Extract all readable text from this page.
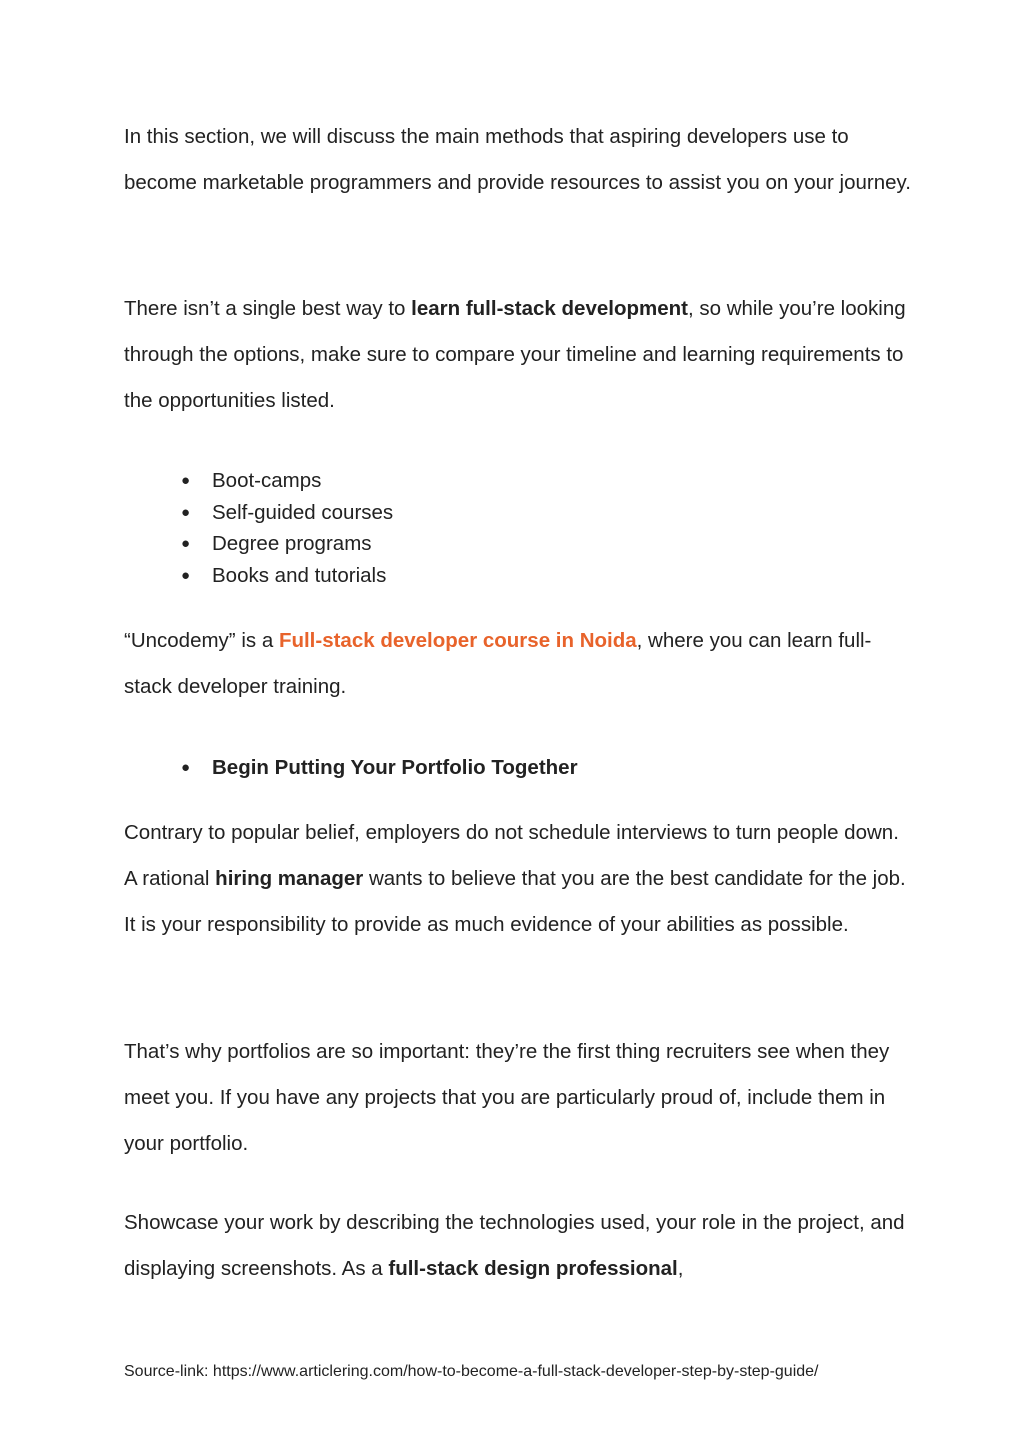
In this section, we will discuss the main methods that aspiring developers use to become marketable programmers and provide resources to assist you on your journey.

There isn’t a single best way to learn full-stack development, so while you’re looking through the options, make sure to compare your timeline and learning requirements to the opportunities listed.

● Boot-camps
● Self-guided courses
● Degree programs
● Books and tutorials

“Uncodemy” is a Full-stack developer course in Noida, where you can learn full-stack developer training.

● Begin Putting Your Portfolio Together

Contrary to popular belief, employers do not schedule interviews to turn people down. A rational hiring manager wants to believe that you are the best candidate for the job. It is your responsibility to provide as much evidence of your abilities as possible.

That’s why portfolios are so important: they’re the first thing recruiters see when they meet you. If you have any projects that you are particularly proud of, include them in your portfolio.

Showcase your work by describing the technologies used, your role in the project, and displaying screenshots. As a full-stack design professional,

Source-link: https://www.articlering.com/how-to-become-a-full-stack-developer-step-by-step-guide/
